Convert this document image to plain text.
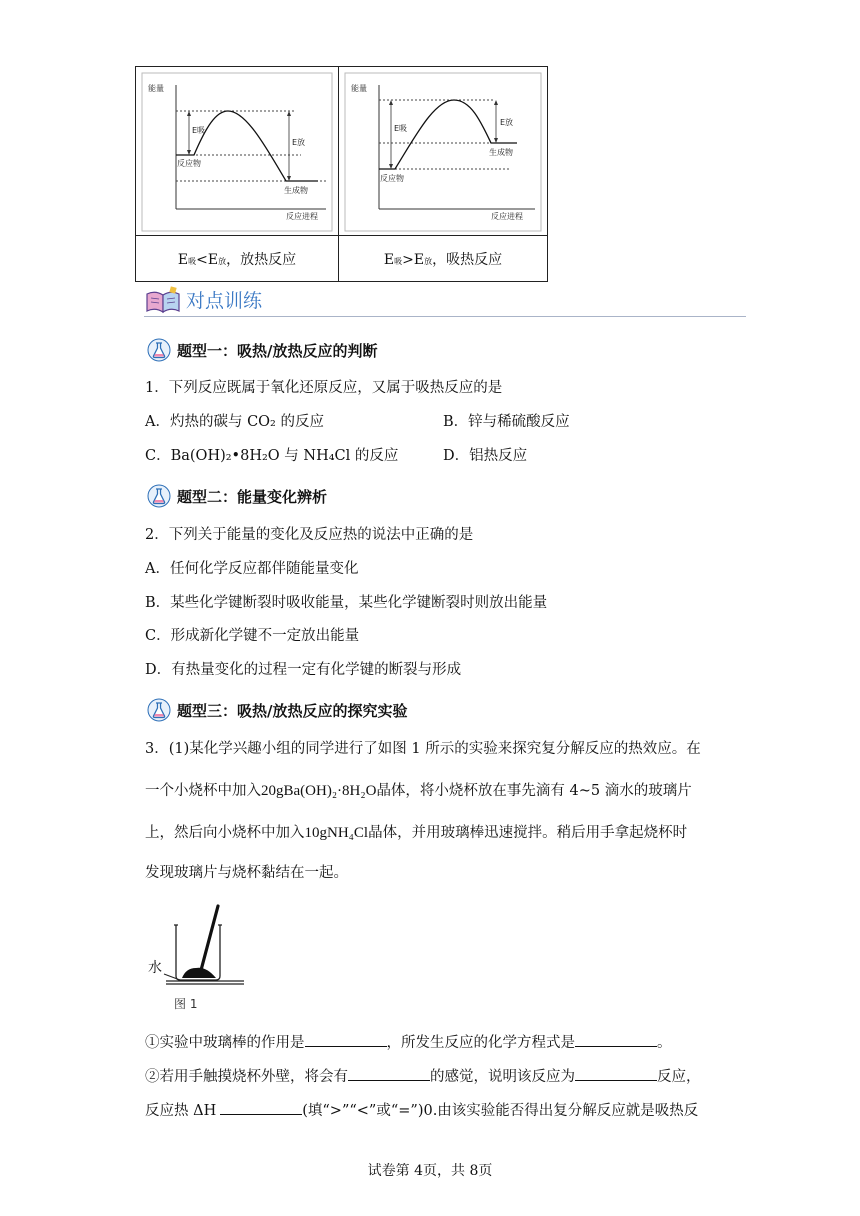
能量
反应进程
E吸
E放
反应物
生成物
能量
反应进程
E吸
E放
反应物
生成物
E吸<E放，放热反应	E吸>E放，吸热反应
对点训练
题型一：吸热/放热反应的判断
1．下列反应既属于氧化还原反应，又属于吸热反应的是
A．灼热的碳与 CO₂ 的反应	B．锌与稀硫酸反应
C．Ba(OH)₂•8H₂O 与 NH₄Cl 的反应	D．铝热反应
题型二：能量变化辨析
2．下列关于能量的变化及反应热的说法中正确的是
A．任何化学反应都伴随能量变化
B．某些化学键断裂时吸收能量，某些化学键断裂时则放出能量
C．形成新化学键不一定放出能量
D．有热量变化的过程一定有化学键的断裂与形成
题型三：吸热/放热反应的探究实验
3．(1)某化学兴趣小组的同学进行了如图 1 所示的实验来探究复分解反应的热效应。在
一个小烧杯中加入20gBa(OH)₂·8H₂O晶体，将小烧杯放在事先滴有 4~5 滴水的玻璃片
上，然后向小烧杯中加入10gNH₄Cl晶体，并用玻璃棒迅速搅拌。稍后用手拿起烧杯时
发现玻璃片与烧杯黏结在一起。
水
图 1
①实验中玻璃棒的作用是	，所发生反应的化学方程式是	。
②若用手触摸烧杯外壁，将会有	的感觉，说明该反应为	反应，
反应热 ΔH	(填“>”“<”或“=”)0.由该实验能否得出复分解反应就是吸热反
试卷第 4页，共 8页
